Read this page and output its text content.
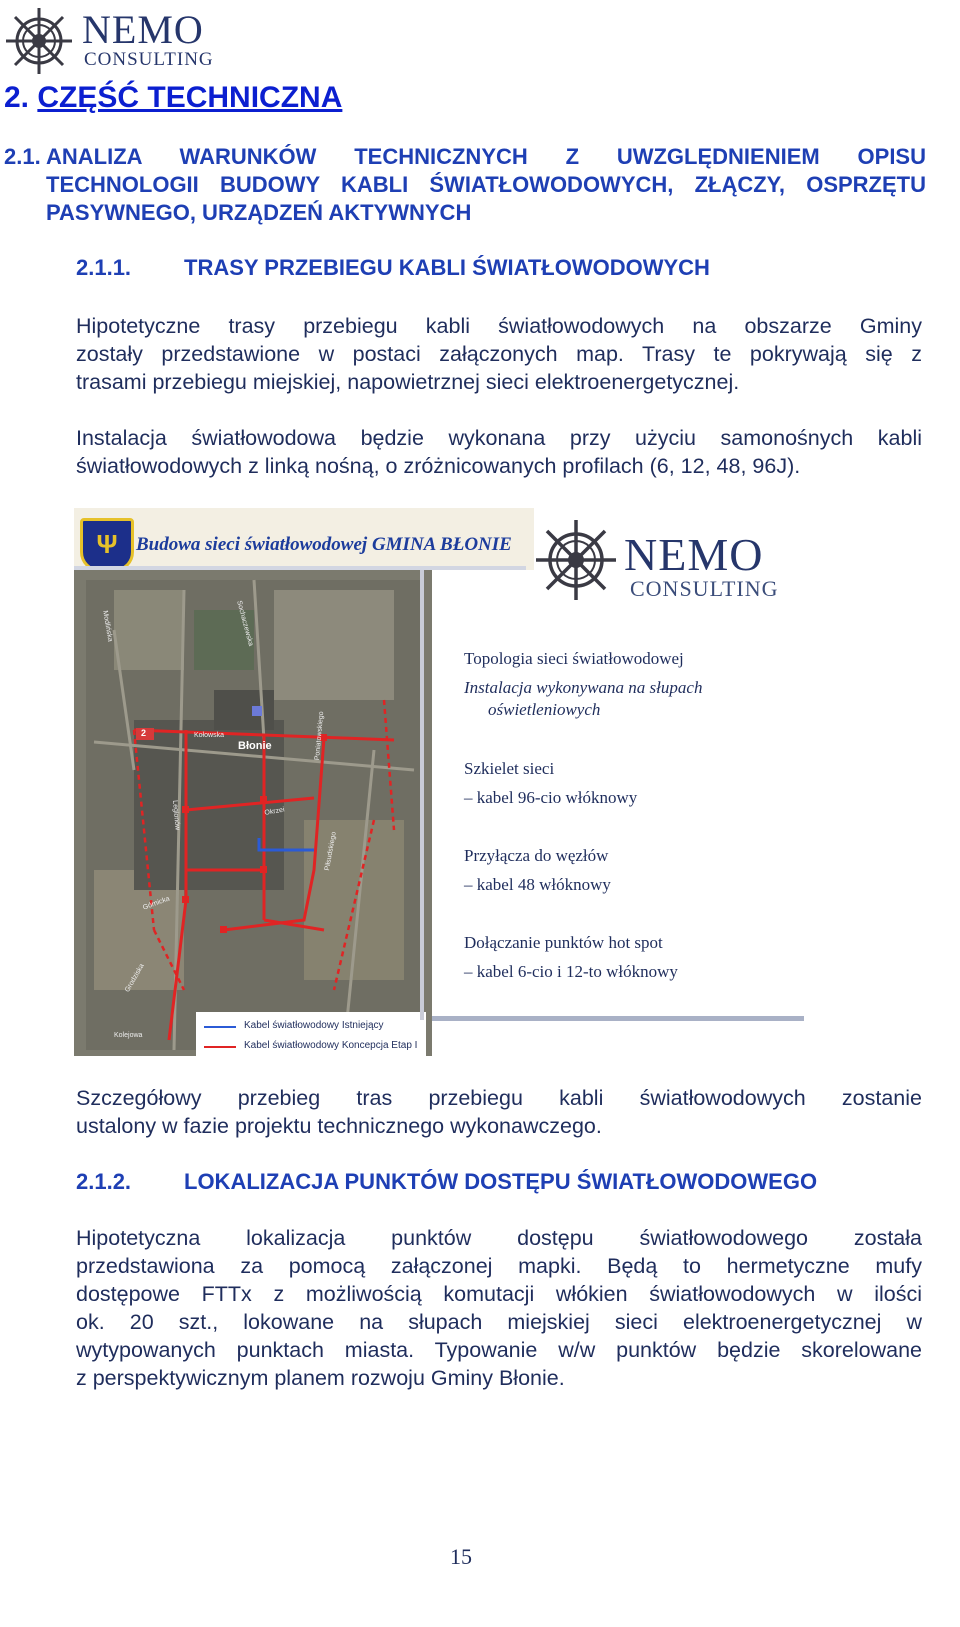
NEMO
CONSULTING
2. CZĘŚĆ TECHNICZNA
2.1. ANALIZA WARUNKÓW TECHNICZNYCH Z UWZGLĘDNIENIEM OPISU TECHNOLOGII BUDOWY KABLI ŚWIATŁOWODOWYCH, ZŁĄCZY, OSPRZĘTU PASYWNEGO, URZĄDZEŃ AKTYWNYCH
2.1.1. TRASY PRZEBIEGU KABLI ŚWIATŁOWODOWYCH
Hipotetyczne trasy przebiegu kabli światłowodowych na obszarze Gminy
zostały przedstawione w postaci załączonych map. Trasy te pokrywają się z
trasami przebiegu miejskiej, napowietrznej sieci elektroenergetycznej.
Instalacja światłowodowa będzie wykonana przy użyciu samonośnych kabli
światłowodowych z linką nośną, o zróżnicowanych profilach (6, 12, 48, 96J).
Ψ Budowa sieci światłowodowej GMINA BŁONIE NEMO
CONSULTING
2
Błonie
Modlińska	Sochaczewska
Poniatowskiego
Legionów
Kołowska
Górnicka
Grodziska
Kolejowa
Okrzei
Piłsudskiego
Kabel światłowodowy Istniejący
Kabel światłowodowy Koncepcja Etap I
Topologia sieci światłowodowej
Instalacja wykonywana na słupach
oświetleniowych
Szkielet sieci
– kabel 96-cio włóknowy
Przyłącza do węzłów
– kabel 48 włóknowy
Dołączanie punktów hot spot
– kabel 6-cio i 12-to włóknowy
Szczegółowy przebieg tras przebiegu kabli światłowodowych zostanie
ustalony w fazie projektu technicznego wykonawczego.
2.1.2. LOKALIZACJA PUNKTÓW DOSTĘPU ŚWIATŁOWODOWEGO
Hipotetyczna lokalizacja punktów dostępu światłowodowego została
przedstawiona za pomocą załączonej mapki. Będą to hermetyczne mufy
dostępowe FTTx z możliwością komutacji włókien światłowodowych w ilości
ok. 20 szt., lokowane na słupach miejskiej sieci elektroenergetycznej w
wytypowanych punktach miasta. Typowanie w/w punktów będzie skorelowane
z perspektywicznym planem rozwoju Gminy Błonie.
15
